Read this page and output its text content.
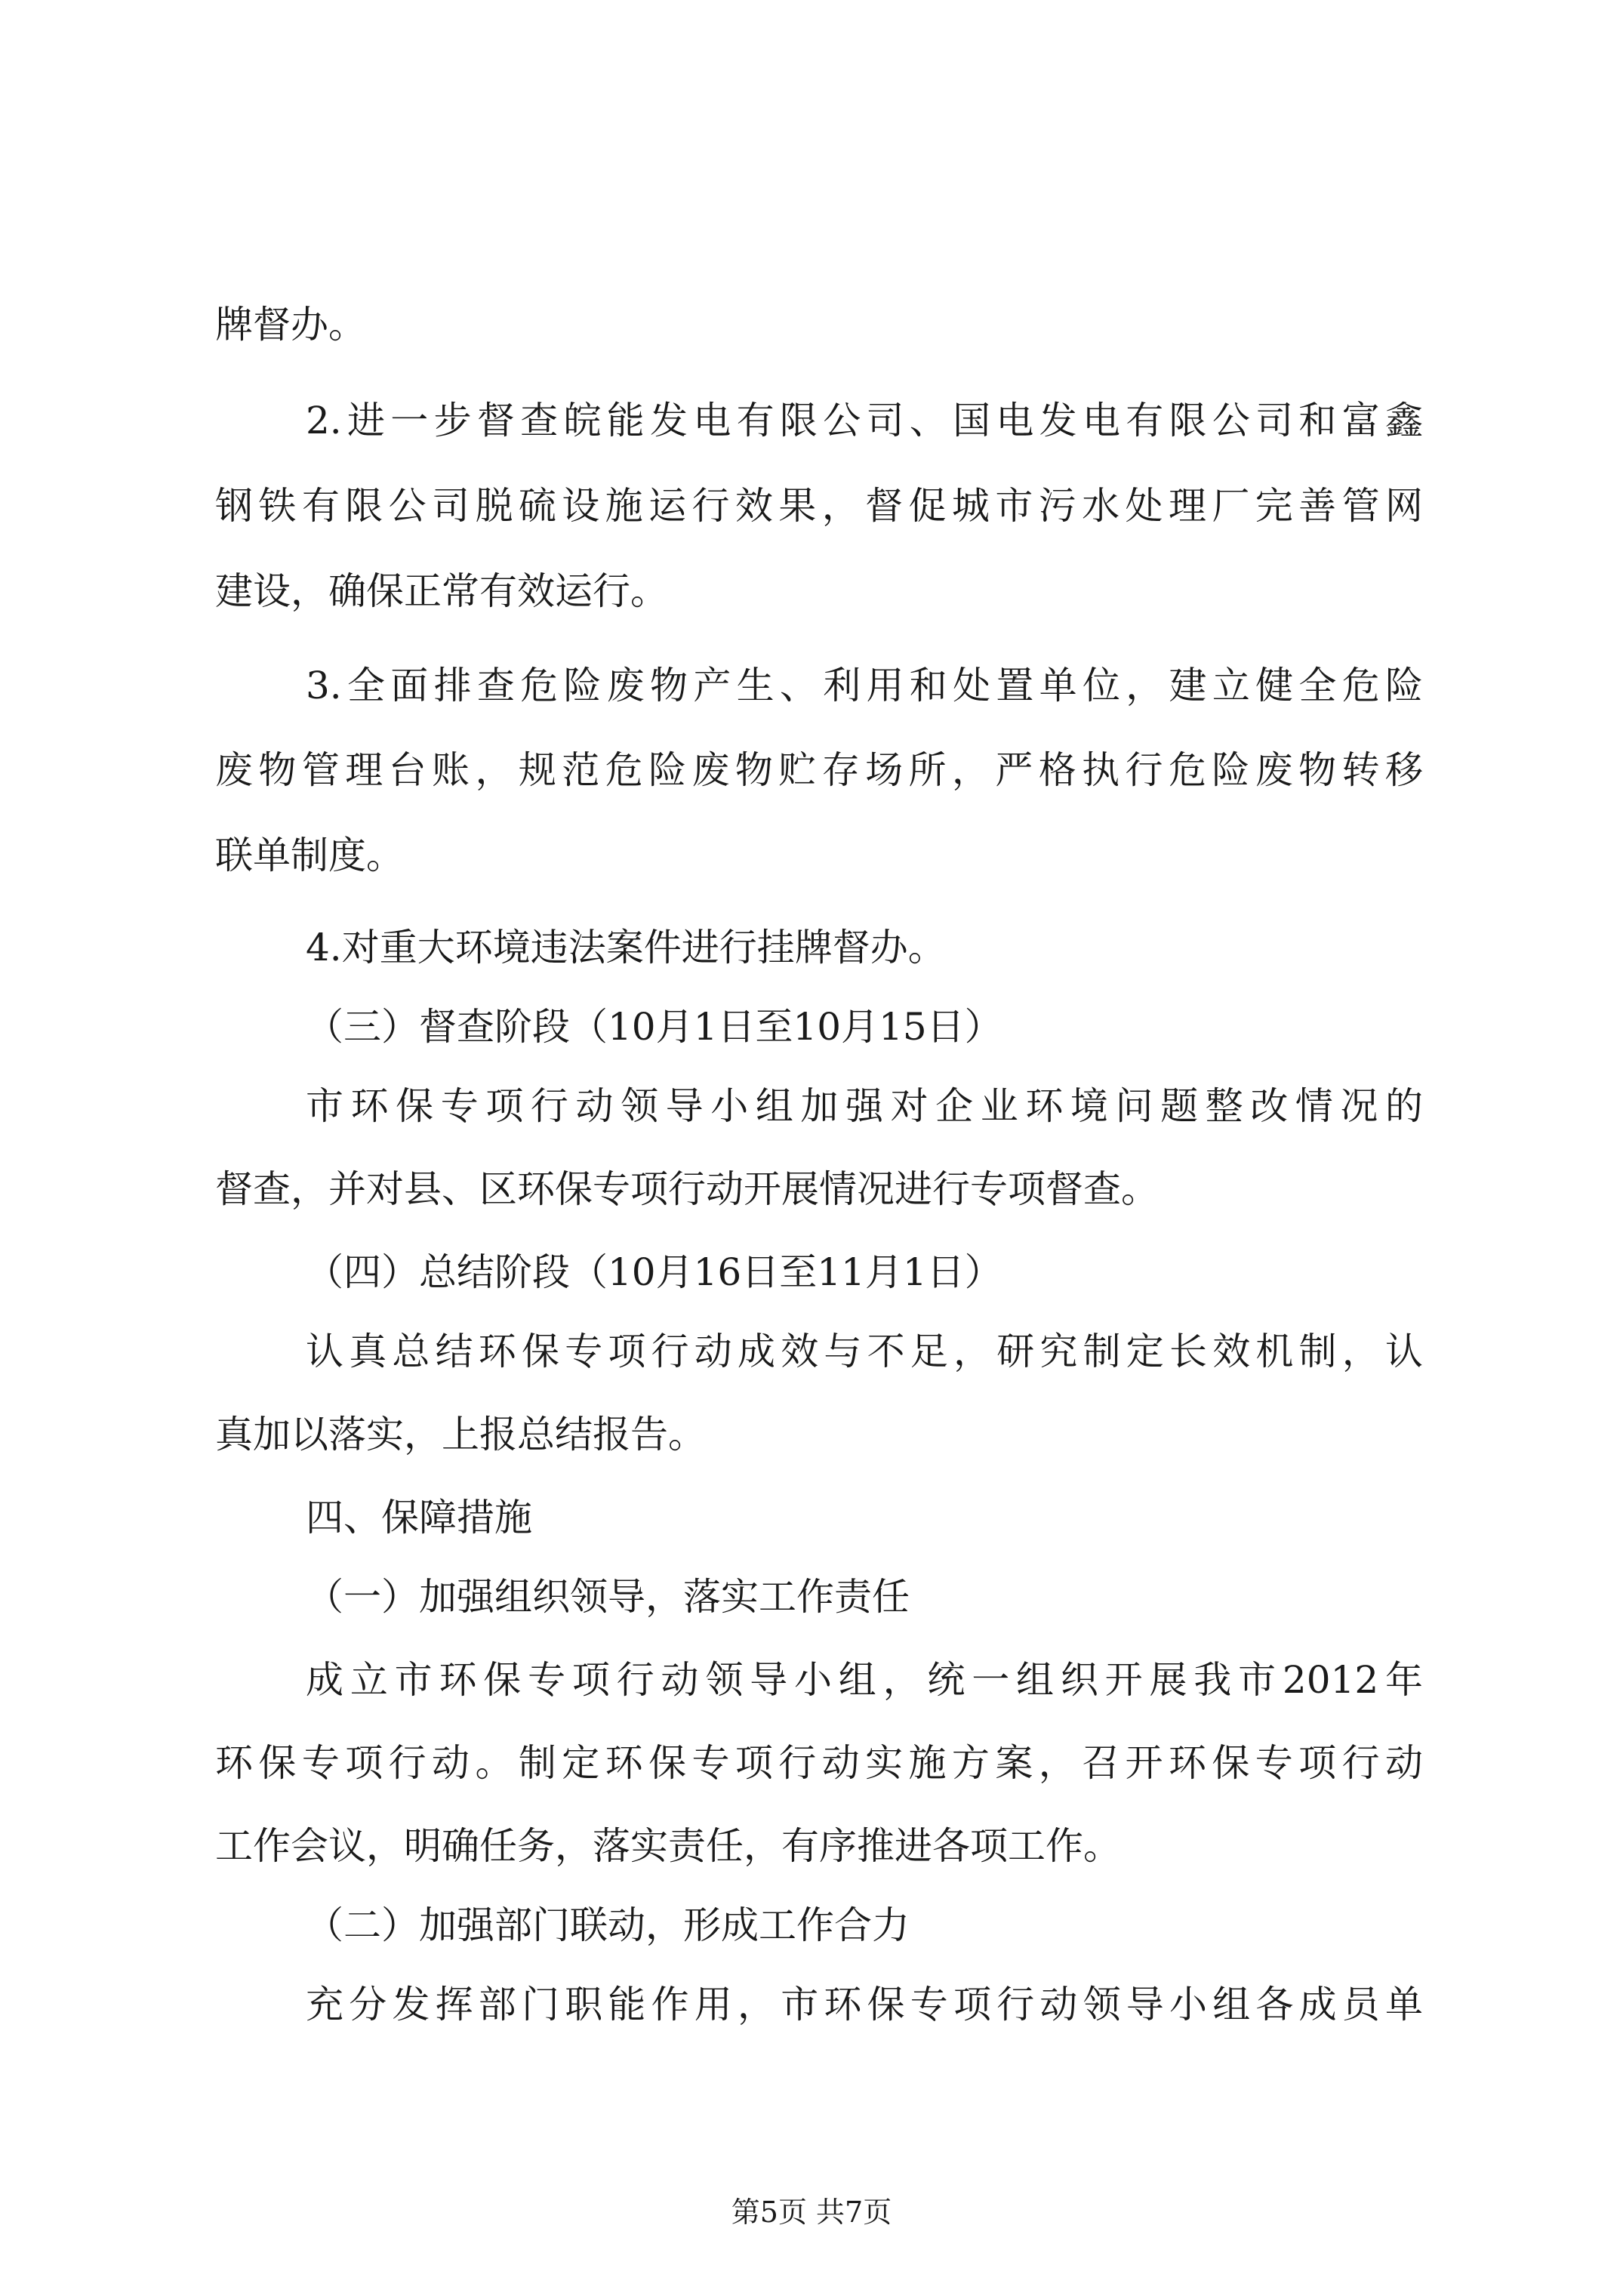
牌督办。

2.进一步督查皖能发电有限公司、国电发电有限公司和富鑫

钢铁有限公司脱硫设施运行效果，督促城市污水处理厂完善管网

建设，确保正常有效运行。

3.全面排查危险废物产生、利用和处置单位，建立健全危险

废物管理台账，规范危险废物贮存场所，严格执行危险废物转移

联单制度。

4.对重大环境违法案件进行挂牌督办。

（三）督查阶段（10月1日至10月15日）

市环保专项行动领导小组加强对企业环境问题整改情况的

督查，并对县、区环保专项行动开展情况进行专项督查。

（四）总结阶段（10月16日至11月1日）

认真总结环保专项行动成效与不足，研究制定长效机制，认

真加以落实，上报总结报告。

四、保障措施

（一）加强组织领导，落实工作责任

成立市环保专项行动领导小组，统一组织开展我市2012年

环保专项行动。制定环保专项行动实施方案，召开环保专项行动

工作会议，明确任务，落实责任，有序推进各项工作。

（二）加强部门联动，形成工作合力

充分发挥部门职能作用，市环保专项行动领导小组各成员单

第5页 共7页
